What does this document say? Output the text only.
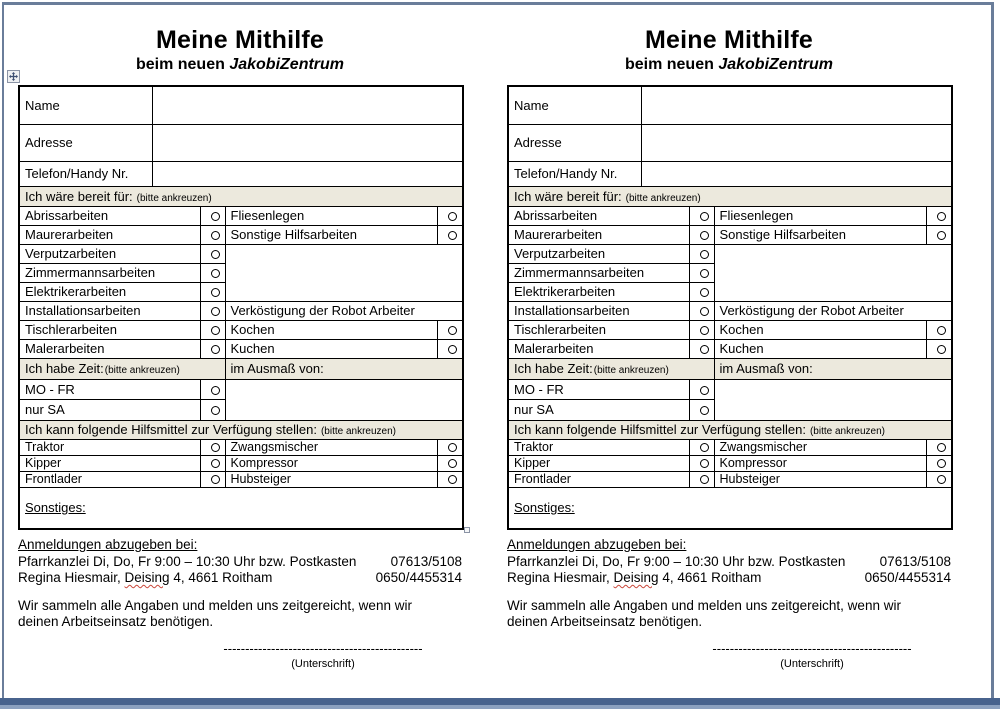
Meine Mithilfe
beim neuen JakobiZentrum
Name				
Adresse				
Telefon/Handy Nr.				
Ich wäre bereit für: (bitte ankreuzen)				
Abrissarbeiten			Fliesenlegen	
Maurerarbeiten			Sonstige Hilfsarbeiten	
Verputzarbeiten				
Zimmermannsarbeiten				
Elektrikerarbeiten				
Installationsarbeiten			Verköstigung der Robot Arbeiter	
Tischlerarbeiten			Kochen	
Malerarbeiten			Kuchen	
Ich habe Zeit:(bitte ankreuzen)			im Ausmaß von:	
MO - FR				
nur SA				
Ich kann folgende Hilfsmittel zur Verfügung stellen: (bitte ankreuzen)				
Traktor			Zwangsmischer	
Kipper			Kompressor	
Frontlader			Hubsteiger	
Sonstiges:				
Anmeldungen abzugeben bei:
Pfarrkanzlei Di, Do, Fr 9:00 – 10:30 Uhr bzw. Postkasten	07613/5108
Regina Hiesmair, Deising 4, 4661 Roitham	0650/4455314
Wir sammeln alle Angaben und melden uns zeitgereicht, wenn wir deinen Arbeitseinsatz benötigen.
----------------------------------------------
(Unterschrift)
Meine Mithilfe
beim neuen JakobiZentrum
Name				
Adresse				
Telefon/Handy Nr.				
Ich wäre bereit für: (bitte ankreuzen)				
Abrissarbeiten			Fliesenlegen	
Maurerarbeiten			Sonstige Hilfsarbeiten	
Verputzarbeiten				
Zimmermannsarbeiten				
Elektrikerarbeiten				
Installationsarbeiten			Verköstigung der Robot Arbeiter	
Tischlerarbeiten			Kochen	
Malerarbeiten			Kuchen	
Ich habe Zeit:(bitte ankreuzen)			im Ausmaß von:	
MO - FR				
nur SA				
Ich kann folgende Hilfsmittel zur Verfügung stellen: (bitte ankreuzen)				
Traktor			Zwangsmischer	
Kipper			Kompressor	
Frontlader			Hubsteiger	
Sonstiges:				
Anmeldungen abzugeben bei:
Pfarrkanzlei Di, Do, Fr 9:00 – 10:30 Uhr bzw. Postkasten	07613/5108
Regina Hiesmair, Deising 4, 4661 Roitham	0650/4455314
Wir sammeln alle Angaben und melden uns zeitgereicht, wenn wir deinen Arbeitseinsatz benötigen.
----------------------------------------------
(Unterschrift)
